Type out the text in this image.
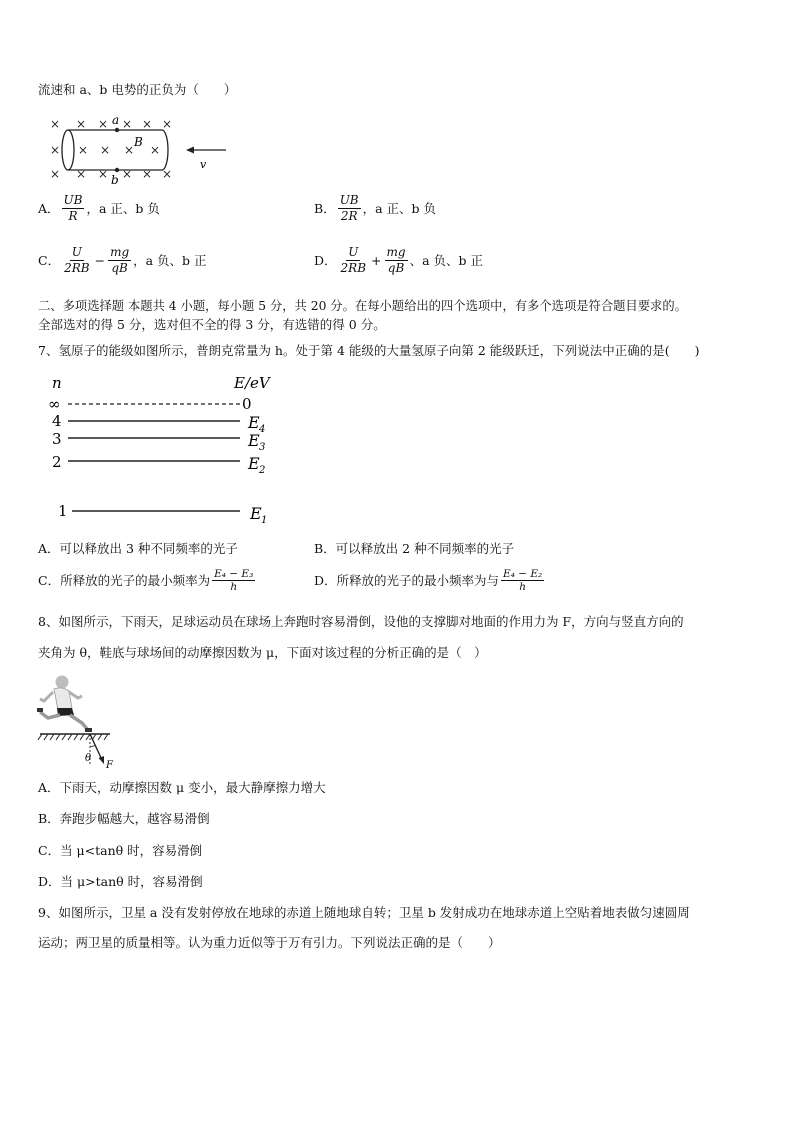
流速和 a、b 电势的正负为（　　）
× × × × × ×
× × × × ×
× × × × × ×
a
b
B
v
A． $\frac{UB}{R}$ ，a 正、b 负	B． $\frac{UB}{2R}$ ，a 正、b 负
C． $\frac{U}{2RB} - \frac{mg}{qB}$ ，a 负、b 正	D． $\frac{U}{2RB} + \frac{mg}{qB}$ 、a 负、b 正
二、多项选择题 本题共 4 小题，每小题 5 分，共 20 分。在每小题给出的四个选项中，有多个选项是符合题目要求的。
全部选对的得 5 分，选对但不全的得 3 分，有选错的得 0 分。
7、氢原子的能级如图所示，普朗克常量为 h。处于第 4 能级的大量氢原子向第 2 能级跃迁，下列说法中正确的是(　　)
n	E/eV
∞	0
4	E 4
3	E 3
2	E 2
1	E 1
A．可以释放出 3 种不同频率的光子	B．可以释放出 2 种不同频率的光子
C．所释放的光子的最小频率为 $\frac{\text{E₄ − E₃}}{h}$	D．所释放的光子的最小频率为与 $\frac{\text{E₄ − E₂}}{h}$
8、如图所示，下雨天，足球运动员在球场上奔跑时容易滑倒，设他的支撑脚对地面的作用力为 F，方向与竖直方向的
夹角为 θ，鞋底与球场间的动摩擦因数为 μ，下面对该过程的分析正确的是（　）
θ
F
A．下雨天，动摩擦因数 μ 变小，最大静摩擦力增大
B．奔跑步幅越大，越容易滑倒
C．当 μ<tanθ 时，容易滑倒
D．当 μ>tanθ 时，容易滑倒
9、如图所示，卫星 a 没有发射停放在地球的赤道上随地球自转；卫星 b 发射成功在地球赤道上空贴着地表做匀速圆周
运动；两卫星的质量相等。认为重力近似等于万有引力。下列说法正确的是（　　）
